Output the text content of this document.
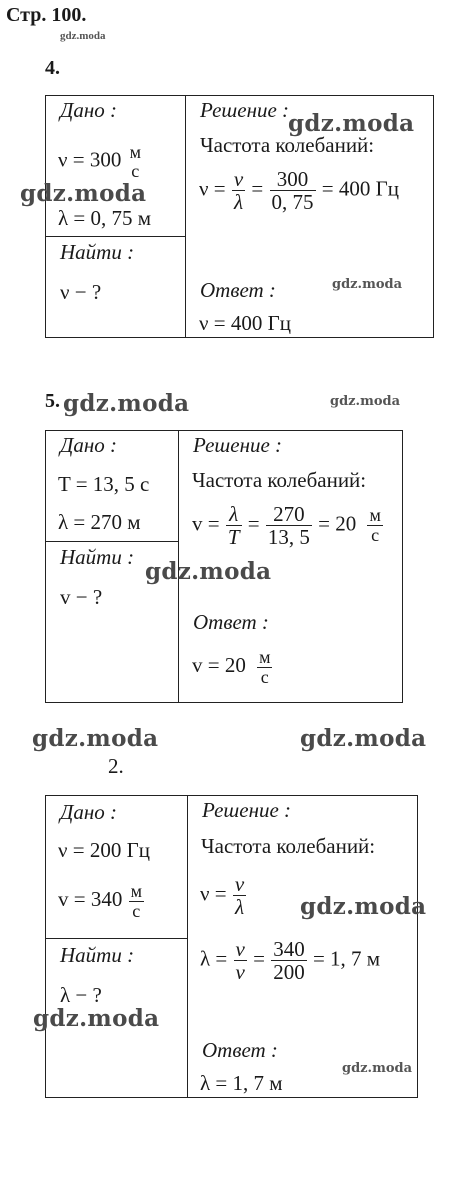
Стр. 100.
gdz.moda
4.
Дано :
ν = 300 м
с
λ = 0, 75 м
Найти :
ν − ?
Решение :
Частота колебаний:
$\nu = \frac{v}{\lambda} = \frac{300}{0, 75} = 400$ Гц
Ответ :
ν = 400 Гц
gdz.moda
gdz.moda
gdz.moda
5. gdz.moda	gdz.moda
Дано :
T = 13, 5 с
λ = 270 м
Найти :
v − ?
Решение :
Частота колебаний:
$v = \frac{\lambda}{T} = \frac{270}{13, 5} = 20 \frac{м}{с}$
Ответ :
$v = 20 \frac{м}{с}$
gdz.moda
gdz.moda	gdz.moda
2.
Дано :
ν = 200 Гц
$v = 340 \frac{м}{с}$
Найти :
λ − ?
Решение :
Частота колебаний:
$\nu = \frac{v}{\lambda}$
$\lambda = \frac{v}{\nu} = \frac{340}{200} = 1$, 7 м
Ответ :
λ = 1, 7 м
gdz.moda
gdz.moda
gdz.moda
